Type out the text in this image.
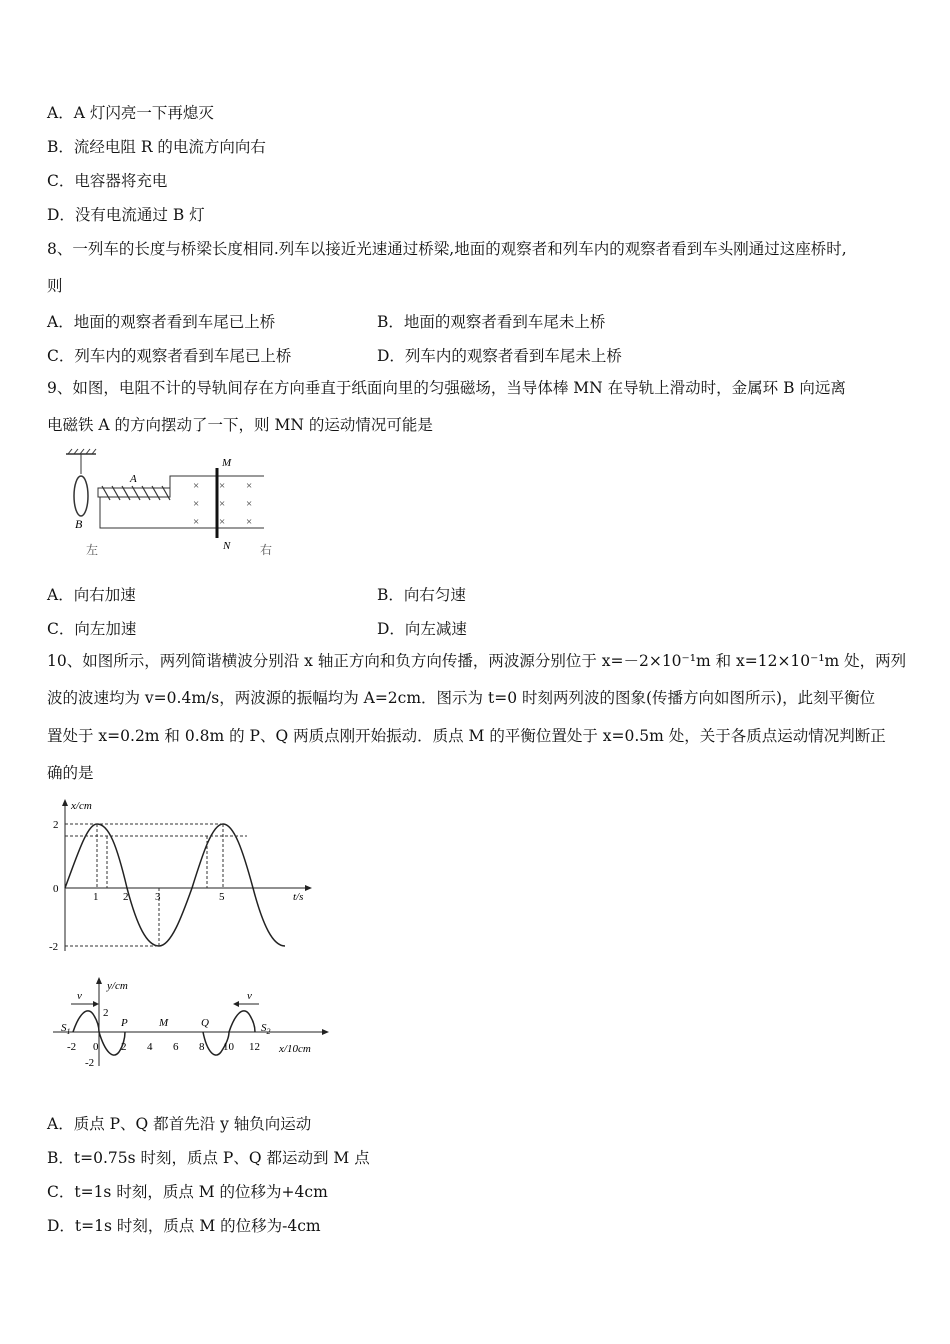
A．A 灯闪亮一下再熄灭
B．流经电阻 R 的电流方向向右
C．电容器将充电
D．没有电流通过 B 灯
8、一列车的长度与桥梁长度相同.列车以接近光速通过桥梁,地面的观察者和列车内的观察者看到车头刚通过这座桥时,
则
A．地面的观察者看到车尾已上桥	B．地面的观察者看到车尾未上桥
C．列车内的观察者看到车尾已上桥	D．列车内的观察者看到车尾未上桥
9、如图，电阻不计的导轨间存在方向垂直于纸面向里的匀强磁场，当导体棒 MN 在导轨上滑动时，金属环 B 向远离
电磁铁 A 的方向摆动了一下，则 MN 的运动情况可能是
B
A
M
N
× × ×
× × ×
× × ×
左	右
A．向右加速	B．向右匀速
C．向左加速	D．向左减速
10、如图所示，两列简谐横波分别沿 x 轴正方向和负方向传播，两波源分别位于 x=－2×10⁻¹m 和 x=12×10⁻¹m 处，两列
波的波速均为 v=0.4m/s，两波源的振幅均为 A=2cm．图示为 t=0 时刻两列波的图象(传播方向如图所示)，此刻平衡位
置处于 x=0.2m 和 0.8m 的 P、Q 两质点刚开始振动．质点 M 的平衡位置处于 x=0.5m 处，关于各质点运动情况判断正
确的是
x/cm
t/s
0
1 2 3	5
2
-2
y/cm
x/10cm
v	v
$S_1$
P	M	Q	$S_2$
-2 0 2 4 6 8 10 12
2
-2
A．质点 P、Q 都首先沿 y 轴负向运动
B．t=0.75s 时刻，质点 P、Q 都运动到 M 点
C．t=1s 时刻，质点 M 的位移为+4cm
D．t=1s 时刻，质点 M 的位移为-4cm
